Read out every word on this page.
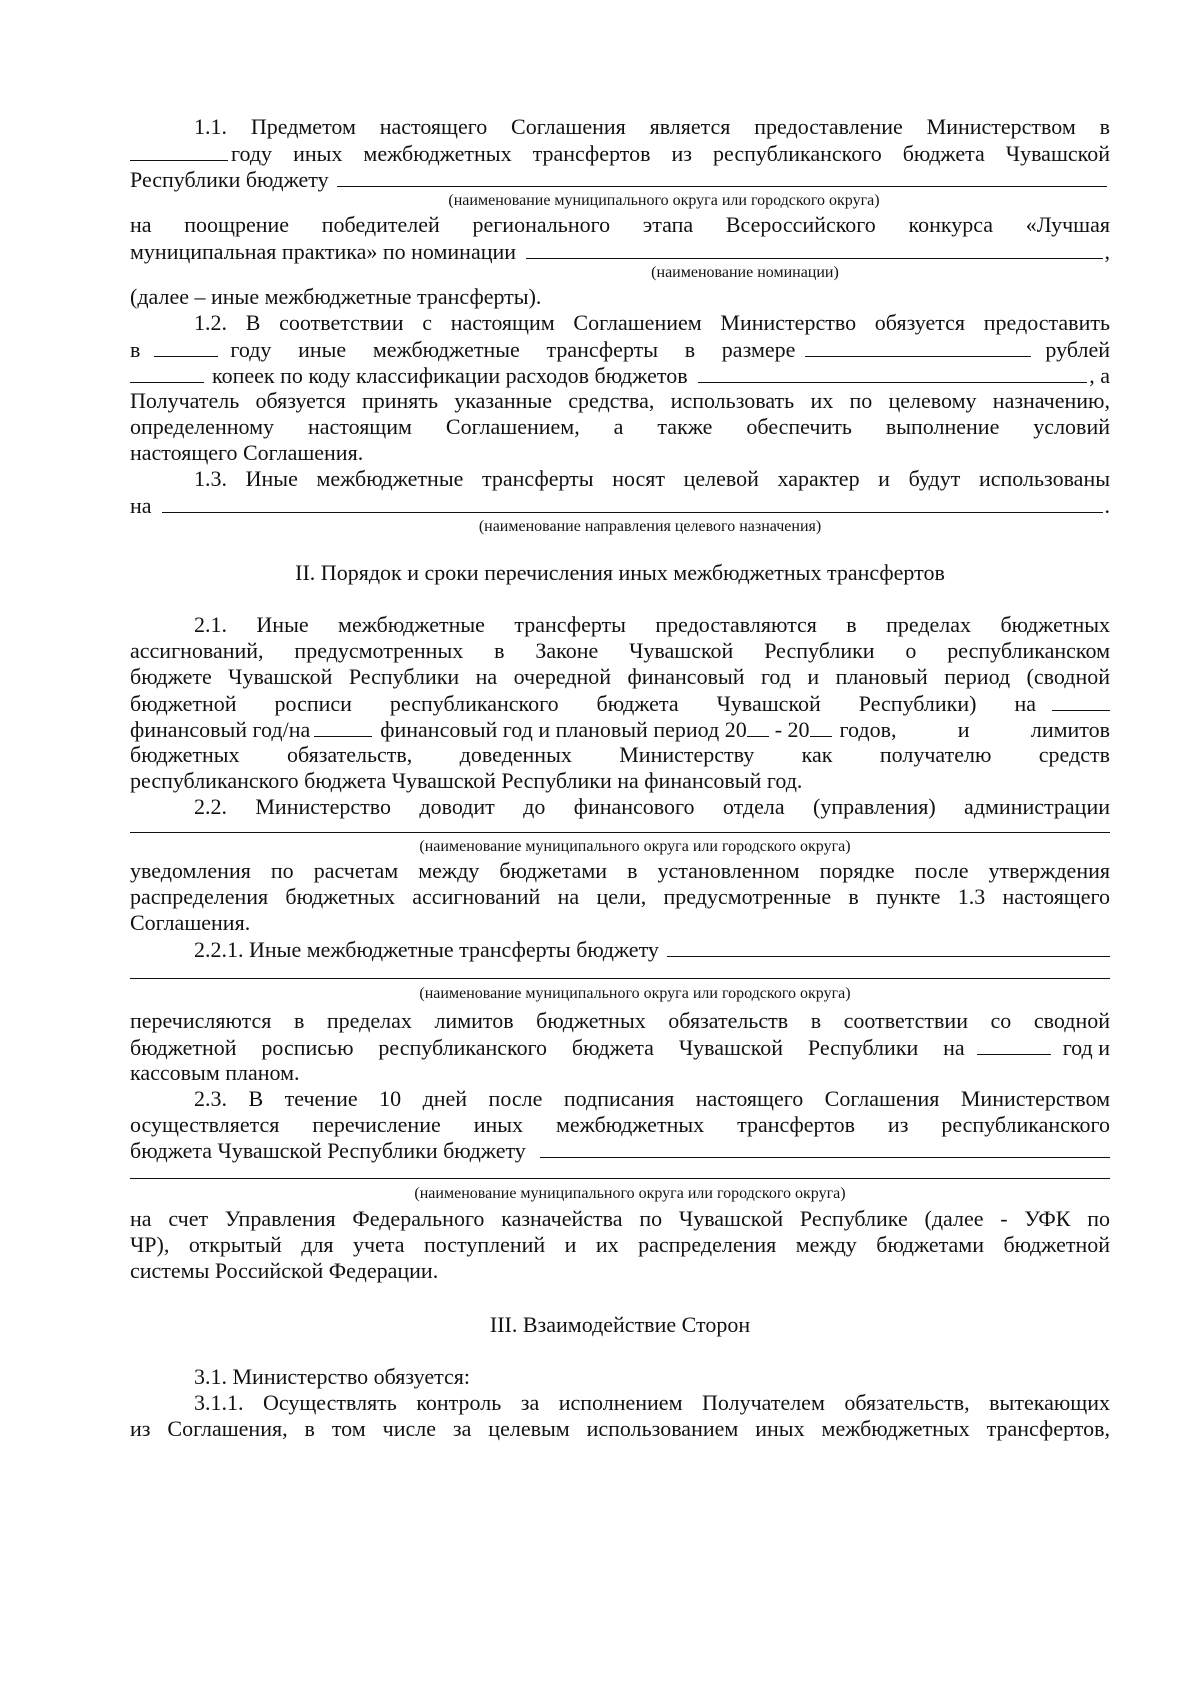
1.1. Предметом настоящего Соглашения является предоставление Министерством в
году иных межбюджетных трансфертов из республиканского бюджета Чувашской
Республики бюджету
(наименование муниципального округа или городского округа)
на поощрение победителей регионального этапа Всероссийского конкурса «Лучшая
муниципальная практика» по номинации	,
(наименование номинации)
(далее – иные межбюджетные трансферты).
1.2. В соответствии с настоящим Соглашением Министерство обязуется предоставить
в	году иные межбюджетные трансферты в размере	рублей
копеек по коду классификации расходов бюджетов	, а
Получатель обязуется принять указанные средства, использовать их по целевому назначению,
определенному настоящим Соглашением, а также обеспечить выполнение условий
настоящего Соглашения.
1.3. Иные межбюджетные трансферты носят целевой характер и будут использованы
на	.
(наименование направления целевого назначения)
II. Порядок и сроки перечисления иных межбюджетных трансфертов
2.1. Иные межбюджетные трансферты предоставляются в пределах бюджетных
ассигнований, предусмотренных в Законе Чувашской Республики о республиканском
бюджете Чувашской Республики на очередной финансовый год и плановый период (сводной
бюджетной росписи республиканского бюджета Чувашской Республики) на
финансовый год/на	финансовый год и плановый период 20 - 20 годов, и лимитов
бюджетных обязательств, доведенных Министерству как получателю средств
республиканского бюджета Чувашской Республики на финансовый год.
2.2. Министерство доводит до финансового отдела (управления) администрации
(наименование муниципального округа или городского округа)
уведомления по расчетам между бюджетами в установленном порядке после утверждения
распределения бюджетных ассигнований на цели, предусмотренные в пункте 1.3 настоящего
Соглашения.
2.2.1. Иные межбюджетные трансферты бюджету
(наименование муниципального округа или городского округа)
перечисляются в пределах лимитов бюджетных обязательств в соответствии со сводной
бюджетной росписью республиканского бюджета Чувашской Республики на	год и
кассовым планом.
2.3. В течение 10 дней после подписания настоящего Соглашения Министерством
осуществляется перечисление иных межбюджетных трансфертов из республиканского
бюджета Чувашской Республики бюджету
(наименование муниципального округа или городского округа)
на счет Управления Федерального казначейства по Чувашской Республике (далее - УФК по
ЧР), открытый для учета поступлений и их распределения между бюджетами бюджетной
системы Российской Федерации.
III. Взаимодействие Сторон
3.1. Министерство обязуется:
3.1.1. Осуществлять контроль за исполнением Получателем обязательств, вытекающих
из Соглашения, в том числе за целевым использованием иных межбюджетных трансфертов,
